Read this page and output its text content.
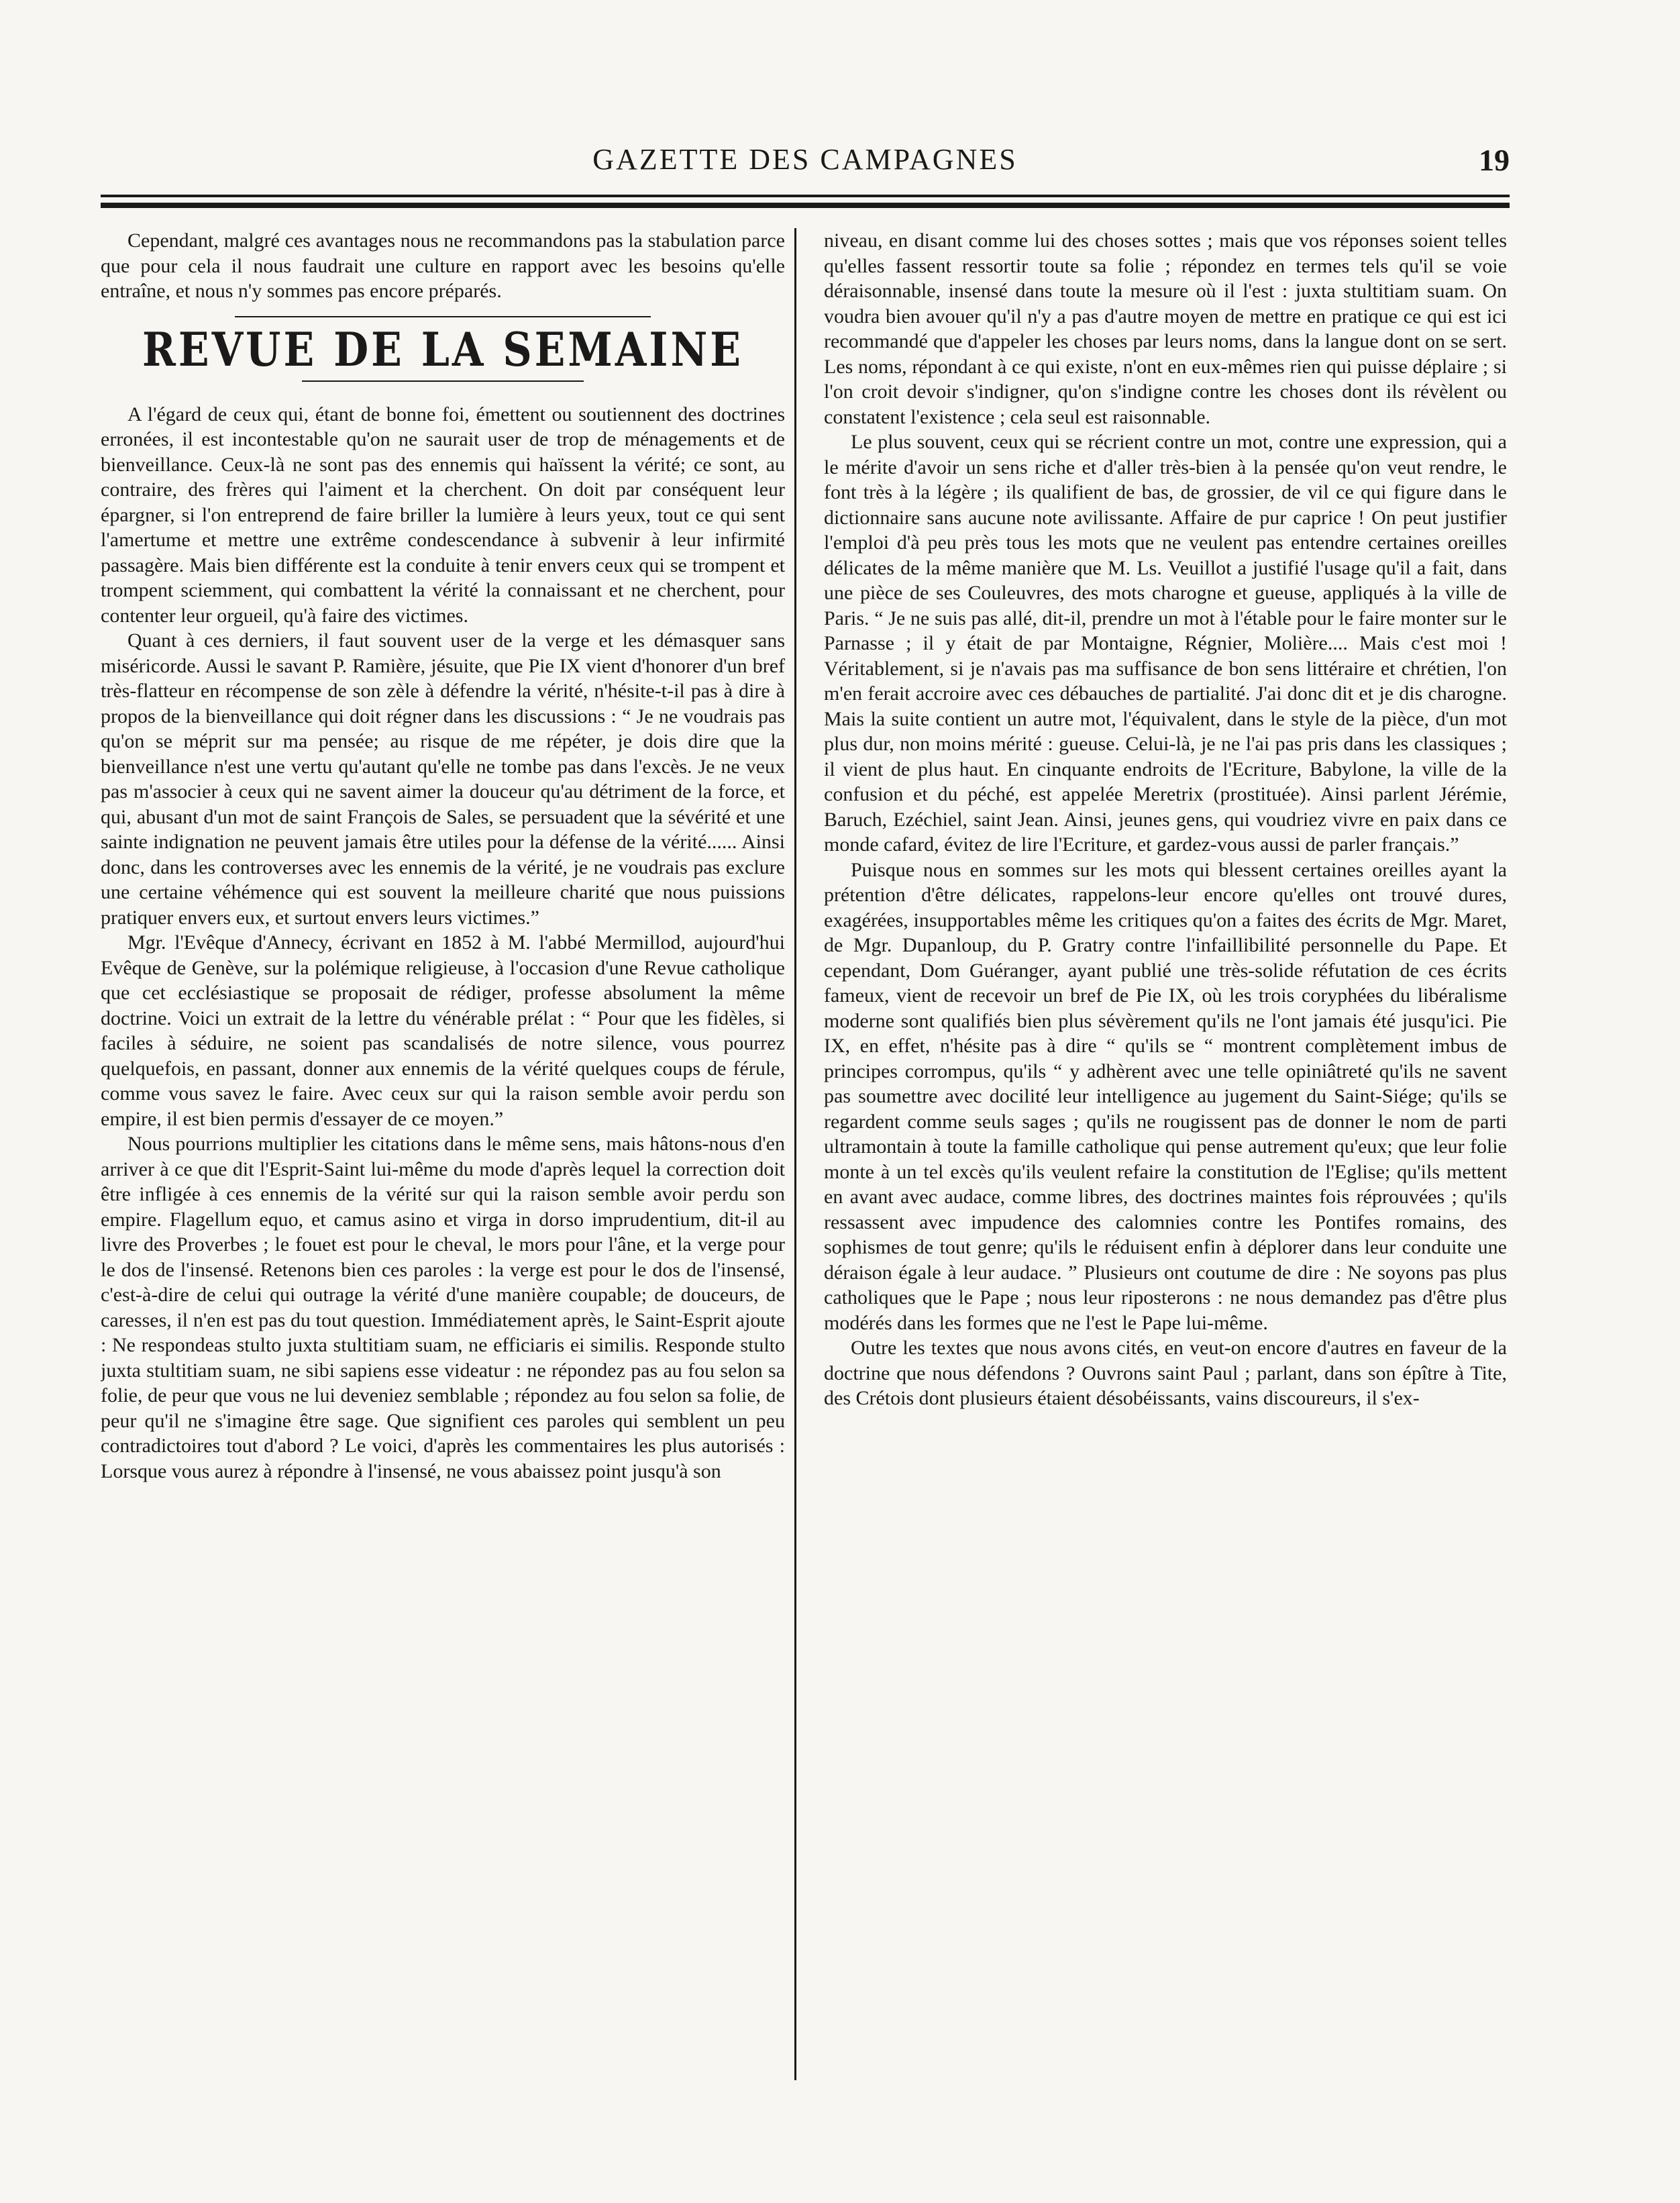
GAZETTE DES CAMPAGNES	19

Cependant, malgré ces avantages nous ne recommandons pas la stabulation parce que pour cela il nous faudrait une culture en rapport avec les besoins qu'elle entraîne, et nous n'y sommes pas encore préparés.

REVUE DE LA SEMAINE

A l'égard de ceux qui, étant de bonne foi, émettent ou soutiennent des doctrines erronées, il est incontestable qu'on ne saurait user de trop de ménagements et de bienveillance. Ceux-là ne sont pas des ennemis qui haïssent la vérité; ce sont, au contraire, des frères qui l'aiment et la cherchent. On doit par conséquent leur épargner, si l'on entreprend de faire briller la lumière à leurs yeux, tout ce qui sent l'amertume et mettre une extrême condescendance à subvenir à leur infirmité passagère. Mais bien différente est la conduite à tenir envers ceux qui se trompent et trompent sciemment, qui combattent la vérité la connaissant et ne cherchent, pour contenter leur orgueil, qu'à faire des victimes.

Quant à ces derniers, il faut souvent user de la verge et les démasquer sans miséricorde. Aussi le savant P. Ramière, jésuite, que Pie IX vient d'honorer d'un bref très-flatteur en récompense de son zèle à défendre la vérité, n'hésite-t-il pas à dire à propos de la bienveillance qui doit régner dans les discussions : “ Je ne voudrais pas qu'on se méprit sur ma pensée; au risque de me répéter, je dois dire que la bienveillance n'est une vertu qu'autant qu'elle ne tombe pas dans l'excès. Je ne veux pas m'associer à ceux qui ne savent aimer la douceur qu'au détriment de la force, et qui, abusant d'un mot de saint François de Sales, se persuadent que la sévérité et une sainte indignation ne peuvent jamais être utiles pour la défense de la vérité...... Ainsi donc, dans les controverses avec les ennemis de la vérité, je ne voudrais pas exclure une certaine véhémence qui est souvent la meilleure charité que nous puissions pratiquer envers eux, et surtout envers leurs victimes.”

Mgr. l'Evêque d'Annecy, écrivant en 1852 à M. l'abbé Mermillod, aujourd'hui Evêque de Genève, sur la polémique religieuse, à l'occasion d'une Revue catholique que cet ecclésiastique se proposait de rédiger, professe absolument la même doctrine. Voici un extrait de la lettre du vénérable prélat : “ Pour que les fidèles, si faciles à séduire, ne soient pas scandalisés de notre silence, vous pourrez quelquefois, en passant, donner aux ennemis de la vérité quelques coups de férule, comme vous savez le faire. Avec ceux sur qui la raison semble avoir perdu son empire, il est bien permis d'essayer de ce moyen.”

Nous pourrions multiplier les citations dans le même sens, mais hâtons-nous d'en arriver à ce que dit l'Esprit-Saint lui-même du mode d'après lequel la correction doit être infligée à ces ennemis de la vérité sur qui la raison semble avoir perdu son empire. Flagellum equo, et camus asino et virga in dorso imprudentium, dit-il au livre des Proverbes ; le fouet est pour le cheval, le mors pour l'âne, et la verge pour le dos de l'insensé. Retenons bien ces paroles : la verge est pour le dos de l'insensé, c'est-à-dire de celui qui outrage la vérité d'une manière coupable; de douceurs, de caresses, il n'en est pas du tout question. Immédiatement après, le Saint-Esprit ajoute : Ne respondeas stulto juxta stultitiam suam, ne efficiaris ei similis. Responde stulto juxta stultitiam suam, ne sibi sapiens esse videatur : ne répondez pas au fou selon sa folie, de peur que vous ne lui deveniez semblable ; répondez au fou selon sa folie, de peur qu'il ne s'imagine être sage. Que signifient ces paroles qui semblent un peu contradictoires tout d'abord ? Le voici, d'après les commentaires les plus autorisés : Lorsque vous aurez à répondre à l'insensé, ne vous abaissez point jusqu'à son

niveau, en disant comme lui des choses sottes ; mais que vos réponses soient telles qu'elles fassent ressortir toute sa folie ; répondez en termes tels qu'il se voie déraisonnable, insensé dans toute la mesure où il l'est : juxta stultitiam suam. On voudra bien avouer qu'il n'y a pas d'autre moyen de mettre en pratique ce qui est ici recommandé que d'appeler les choses par leurs noms, dans la langue dont on se sert. Les noms, répondant à ce qui existe, n'ont en eux-mêmes rien qui puisse déplaire ; si l'on croit devoir s'indigner, qu'on s'indigne contre les choses dont ils révèlent ou constatent l'existence ; cela seul est raisonnable.

Le plus souvent, ceux qui se récrient contre un mot, contre une expression, qui a le mérite d'avoir un sens riche et d'aller très-bien à la pensée qu'on veut rendre, le font très à la légère ; ils qualifient de bas, de grossier, de vil ce qui figure dans le dictionnaire sans aucune note avilissante. Affaire de pur caprice ! On peut justifier l'emploi d'à peu près tous les mots que ne veulent pas entendre certaines oreilles délicates de la même manière que M. Ls. Veuillot a justifié l'usage qu'il a fait, dans une pièce de ses Couleuvres, des mots charogne et gueuse, appliqués à la ville de Paris. “ Je ne suis pas allé, dit-il, prendre un mot à l'étable pour le faire monter sur le Parnasse ; il y était de par Montaigne, Régnier, Molière.... Mais c'est moi ! Véritablement, si je n'avais pas ma suffisance de bon sens littéraire et chrétien, l'on m'en ferait accroire avec ces débauches de partialité. J'ai donc dit et je dis charogne. Mais la suite contient un autre mot, l'équivalent, dans le style de la pièce, d'un mot plus dur, non moins mérité : gueuse. Celui-là, je ne l'ai pas pris dans les classiques ; il vient de plus haut. En cinquante endroits de l'Ecriture, Babylone, la ville de la confusion et du péché, est appelée Meretrix (prostituée). Ainsi parlent Jérémie, Baruch, Ezéchiel, saint Jean. Ainsi, jeunes gens, qui voudriez vivre en paix dans ce monde cafard, évitez de lire l'Ecriture, et gardez-vous aussi de parler français.”

Puisque nous en sommes sur les mots qui blessent certaines oreilles ayant la prétention d'être délicates, rappelons-leur encore qu'elles ont trouvé dures, exagérées, insupportables même les critiques qu'on a faites des écrits de Mgr. Maret, de Mgr. Dupanloup, du P. Gratry contre l'infaillibilité personnelle du Pape. Et cependant, Dom Guéranger, ayant publié une très-solide réfutation de ces écrits fameux, vient de recevoir un bref de Pie IX, où les trois coryphées du libéralisme moderne sont qualifiés bien plus sévèrement qu'ils ne l'ont jamais été jusqu'ici. Pie IX, en effet, n'hésite pas à dire “ qu'ils se “ montrent complètement imbus de principes corrompus, qu'ils “ y adhèrent avec une telle opiniâtreté qu'ils ne savent pas soumettre avec docilité leur intelligence au jugement du Saint-Siége; qu'ils se regardent comme seuls sages ; qu'ils ne rougissent pas de donner le nom de parti ultramontain à toute la famille catholique qui pense autrement qu'eux; que leur folie monte à un tel excès qu'ils veulent refaire la constitution de l'Eglise; qu'ils mettent en avant avec audace, comme libres, des doctrines maintes fois réprouvées ; qu'ils ressassent avec impudence des calomnies contre les Pontifes romains, des sophismes de tout genre; qu'ils le réduisent enfin à déplorer dans leur conduite une déraison égale à leur audace. ” Plusieurs ont coutume de dire : Ne soyons pas plus catholiques que le Pape ; nous leur riposterons : ne nous demandez pas d'être plus modérés dans les formes que ne l'est le Pape lui-même.

Outre les textes que nous avons cités, en veut-on encore d'autres en faveur de la doctrine que nous défendons ? Ouvrons saint Paul ; parlant, dans son épître à Tite, des Crétois dont plusieurs étaient désobéissants, vains discoureurs, il s'ex-
